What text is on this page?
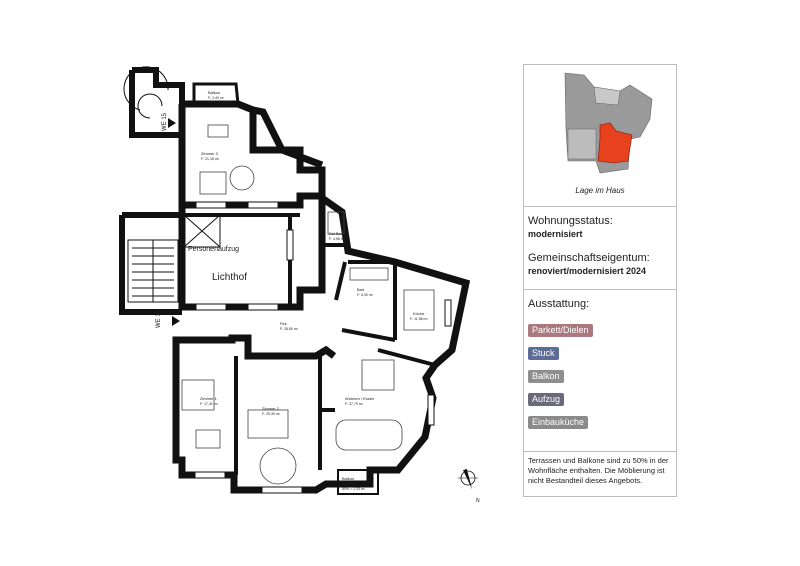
Balkon
F: 2,49 m²
50% = 1,25 m²
Zimmer 3
F: 21,18 m²
Personenaufzug
Lichthof
WE 15
WE 14
Dsl Bad
F: 4,56 m²
Bad
F: 6,30 m²
Küche
F: 11,58 m²
Flur
F: 28,50 m²
Zimmer 1
F: 17,41 m²
Zimmer 2
F: 25,39 m²
Wohnen / Essen
F: 37,79 m²
Balkon
F: 2,65 m²
50% = 1,33 m²
N
Lage im Haus
Wohnungsstatus:
modernisiert
Gemeinschaftseigentum:
renoviert/modernisiert 2024
Ausstattung:
Parkett/Dielen
Stuck
Balkon
Aufzug
Einbauküche
Terrassen und Balkone sind zu 50% in der Wohnfläche enthalten. Die Möblierung ist nicht Bestandteil dieses Angebots.
